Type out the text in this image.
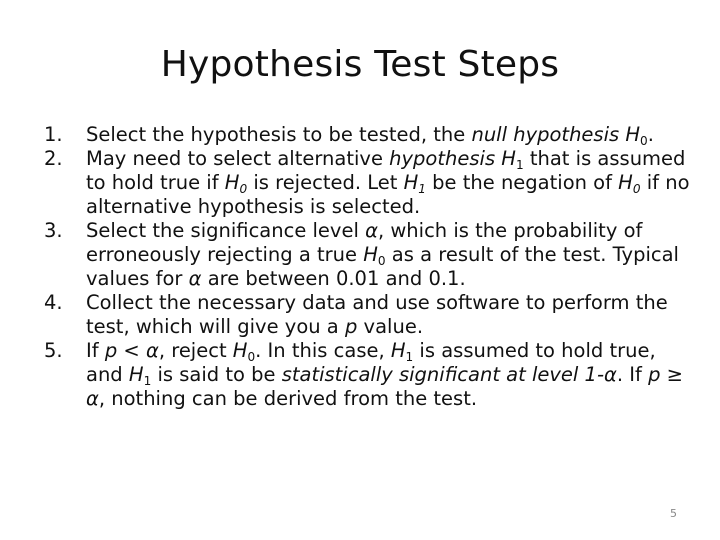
Hypothesis Test Steps
1.	Select the hypothesis to be tested, the null hypothesis $H_0$.
2.	May need to select alternative hypothesis $H_1$ that is assumed to hold true if $H_0$ is rejected. Let $H_1$ be the negation of $H_0$ if no alternative hypothesis is selected.
3.	Select the significance level α, which is the probability of erroneously rejecting a true $H_0$ as a result of the test. Typical values for α are between 0.01 and 0.1.
4.	Collect the necessary data and use software to perform the test, which will give you a p value.
5.	If p < α, reject $H_0$. In this case, $H_1$ is assumed to hold true, and $H_1$ is said to be statistically significant at level 1-α. If p ≥ α, nothing can be derived from the test.
5
